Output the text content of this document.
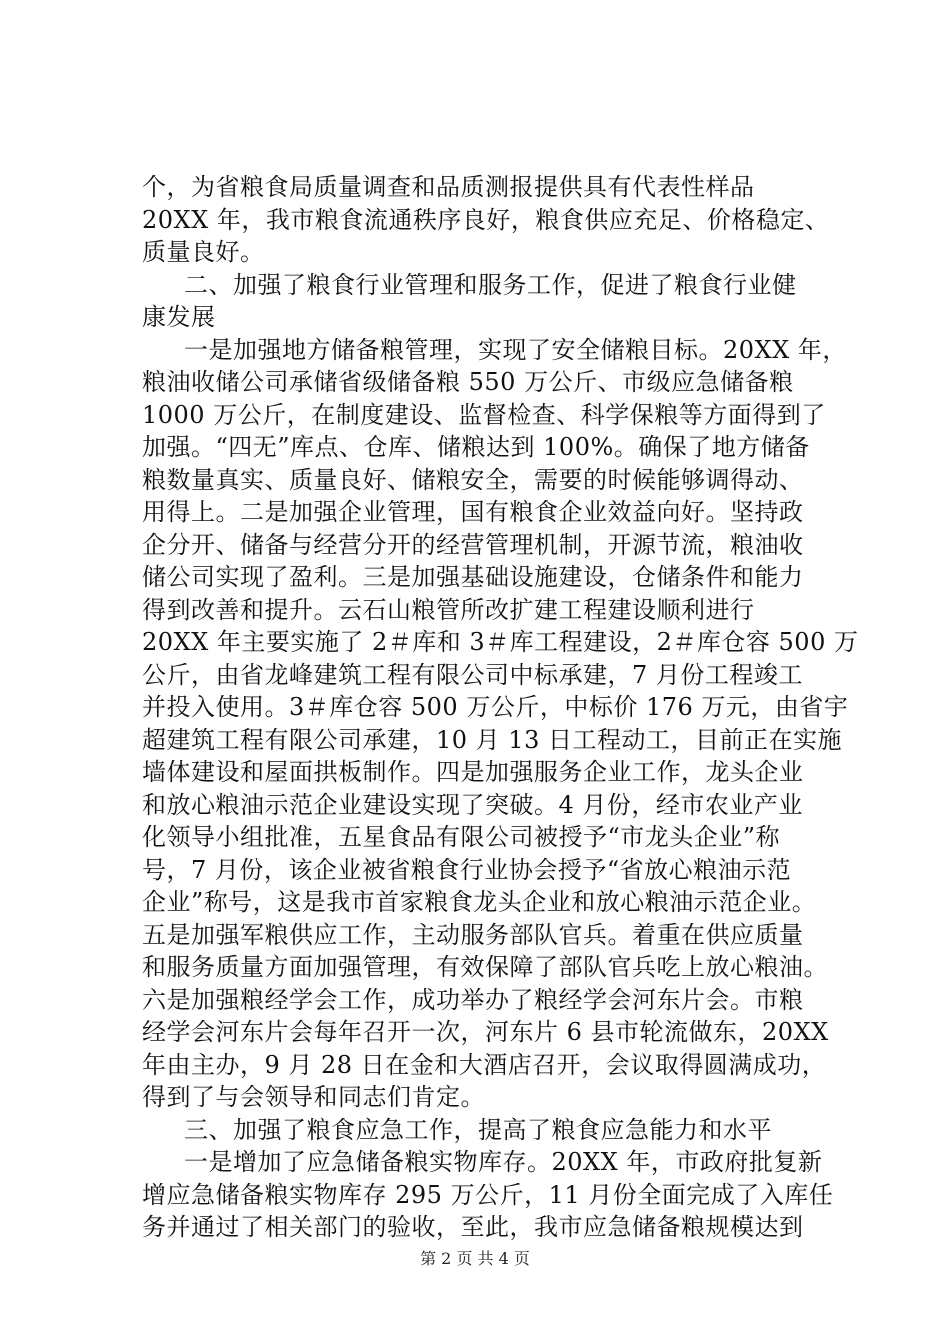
个，为省粮食局质量调查和品质测报提供具有代表性样品
20XX 年，我市粮食流通秩序良好，粮食供应充足、价格稳定、
质量良好。
二、加强了粮食行业管理和服务工作，促进了粮食行业健
康发展
一是加强地方储备粮管理，实现了安全储粮目标。20XX 年，
粮油收储公司承储省级储备粮 550 万公斤、市级应急储备粮
1000 万公斤，在制度建设、监督检查、科学保粮等方面得到了
加强。“四无”库点、仓库、储粮达到 100%。确保了地方储备
粮数量真实、质量良好、储粮安全，需要的时候能够调得动、
用得上。二是加强企业管理，国有粮食企业效益向好。坚持政
企分开、储备与经营分开的经营管理机制，开源节流，粮油收
储公司实现了盈利。三是加强基础设施建设，仓储条件和能力
得到改善和提升。云石山粮管所改扩建工程建设顺利进行
20XX 年主要实施了 2＃库和 3＃库工程建设，2＃库仓容 500 万
公斤，由省龙峰建筑工程有限公司中标承建，7 月份工程竣工
并投入使用。3＃库仓容 500 万公斤，中标价 176 万元，由省宇
超建筑工程有限公司承建，10 月 13 日工程动工，目前正在实施
墙体建设和屋面拱板制作。四是加强服务企业工作，龙头企业
和放心粮油示范企业建设实现了突破。4 月份，经市农业产业
化领导小组批准，五星食品有限公司被授予“市龙头企业”称
号，7 月份，该企业被省粮食行业协会授予“省放心粮油示范
企业”称号，这是我市首家粮食龙头企业和放心粮油示范企业。
五是加强军粮供应工作，主动服务部队官兵。着重在供应质量
和服务质量方面加强管理，有效保障了部队官兵吃上放心粮油。
六是加强粮经学会工作，成功举办了粮经学会河东片会。市粮
经学会河东片会每年召开一次，河东片 6 县市轮流做东，20XX
年由主办，9 月 28 日在金和大酒店召开，会议取得圆满成功，
得到了与会领导和同志们肯定。
三、加强了粮食应急工作，提高了粮食应急能力和水平
一是增加了应急储备粮实物库存。20XX 年，市政府批复新
增应急储备粮实物库存 295 万公斤，11 月份全面完成了入库任
务并通过了相关部门的验收，至此，我市应急储备粮规模达到
第 2 页 共 4 页
